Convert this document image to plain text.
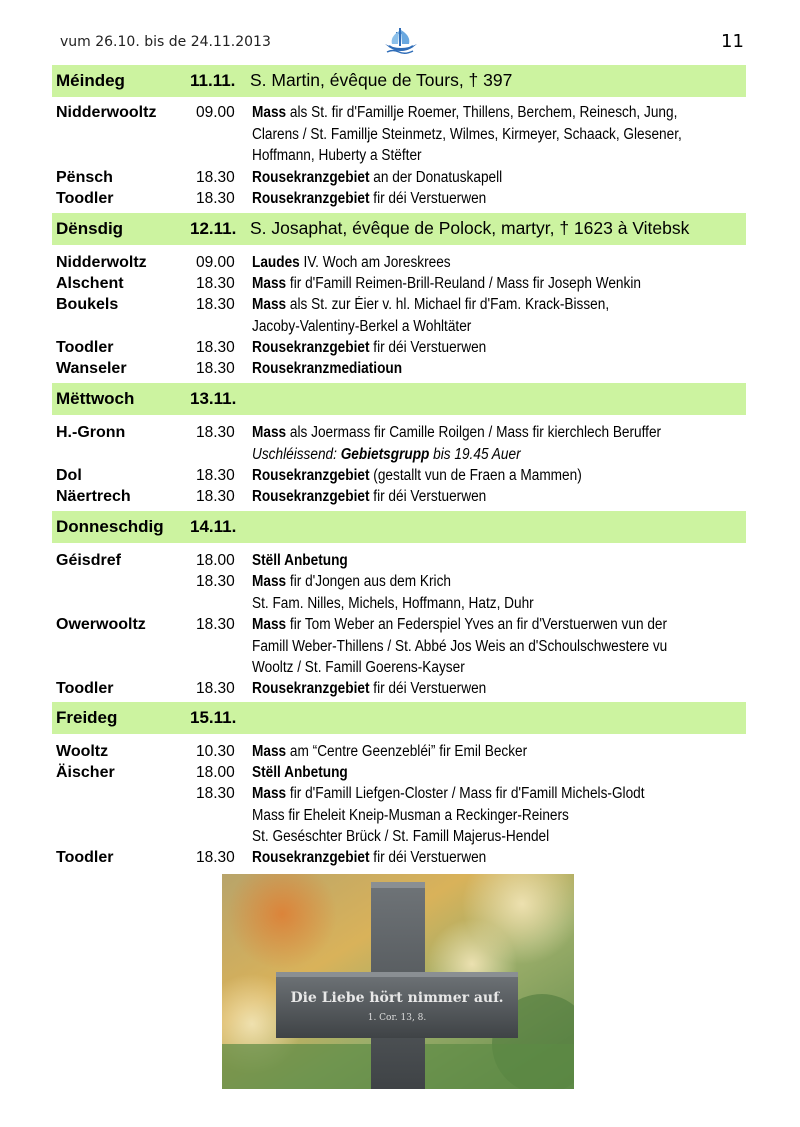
vum 26.10. bis de 24.11.2013	11
Méindeg	11.11. S. Martin, évêque de Tours, † 397
Nidderwooltz	09.00 Mass als St. fir d'Famillje Roemer, Thillens, Berchem, Reinesch, Jung,
Clarens / St. Famillje Steinmetz, Wilmes, Kirmeyer, Schaack, Glesener,
Hoffmann, Huberty a Stëfter
Pënsch	18.30 Rousekranzgebiet an der Donatuskapell
Toodler	18.30 Rousekranzgebiet fir déi Verstuerwen
Dënsdig	12.11. S. Josaphat, évêque de Polock, martyr, † 1623 à Vitebsk
Nidderwoltz	09.00 Laudes IV. Woch am Joreskrees
Alschent	18.30 Mass fir d'Famill Reimen-Brill-Reuland / Mass fir Joseph Wenkin
Boukels	18.30 Mass als St. zur Éier v. hl. Michael fir d'Fam. Krack-Bissen,
Jacoby-Valentiny-Berkel a Wohltäter
Toodler	18.30 Rousekranzgebiet fir déi Verstuerwen
Wanseler	18.30 Rousekranzmediatioun
Mëttwoch	13.11.
H.-Gronn	18.30 Mass als Joermass fir Camille Roilgen / Mass fir kierchlech Beruffer
Uschléissend: Gebietsgrupp bis 19.45 Auer
Dol	18.30 Rousekranzgebiet (gestallt vun de Fraen a Mammen)
Näertrech	18.30 Rousekranzgebiet fir déi Verstuerwen
Donneschdig 14.11.
Géisdref	18.00 Stëll Anbetung
18.30 Mass fir d'Jongen aus dem Krich
St. Fam. Nilles, Michels, Hoffmann, Hatz, Duhr
Owerwooltz	18.30 Mass fir Tom Weber an Federspiel Yves an fir d'Verstuerwen vun der
Famill Weber-Thillens / St. Abbé Jos Weis an d'Schoulschwestere vu
Wooltz / St. Famill Goerens-Kayser
Toodler	18.30 Rousekranzgebiet fir déi Verstuerwen
Freideg	15.11.
Wooltz	10.30 Mass am “Centre Geenzebléi” fir Emil Becker
Äischer	18.00 Stëll Anbetung
18.30 Mass fir d'Famill Liefgen-Closter / Mass fir d'Famill Michels-Glodt
Mass fir Eheleit Kneip-Musman a Reckinger-Reiners
St. Geséschter Brück / St. Famill Majerus-Hendel
Toodler	18.30 Rousekranzgebiet fir déi Verstuerwen
Die Liebe hört nimmer auf.
1. Cor. 13, 8.
